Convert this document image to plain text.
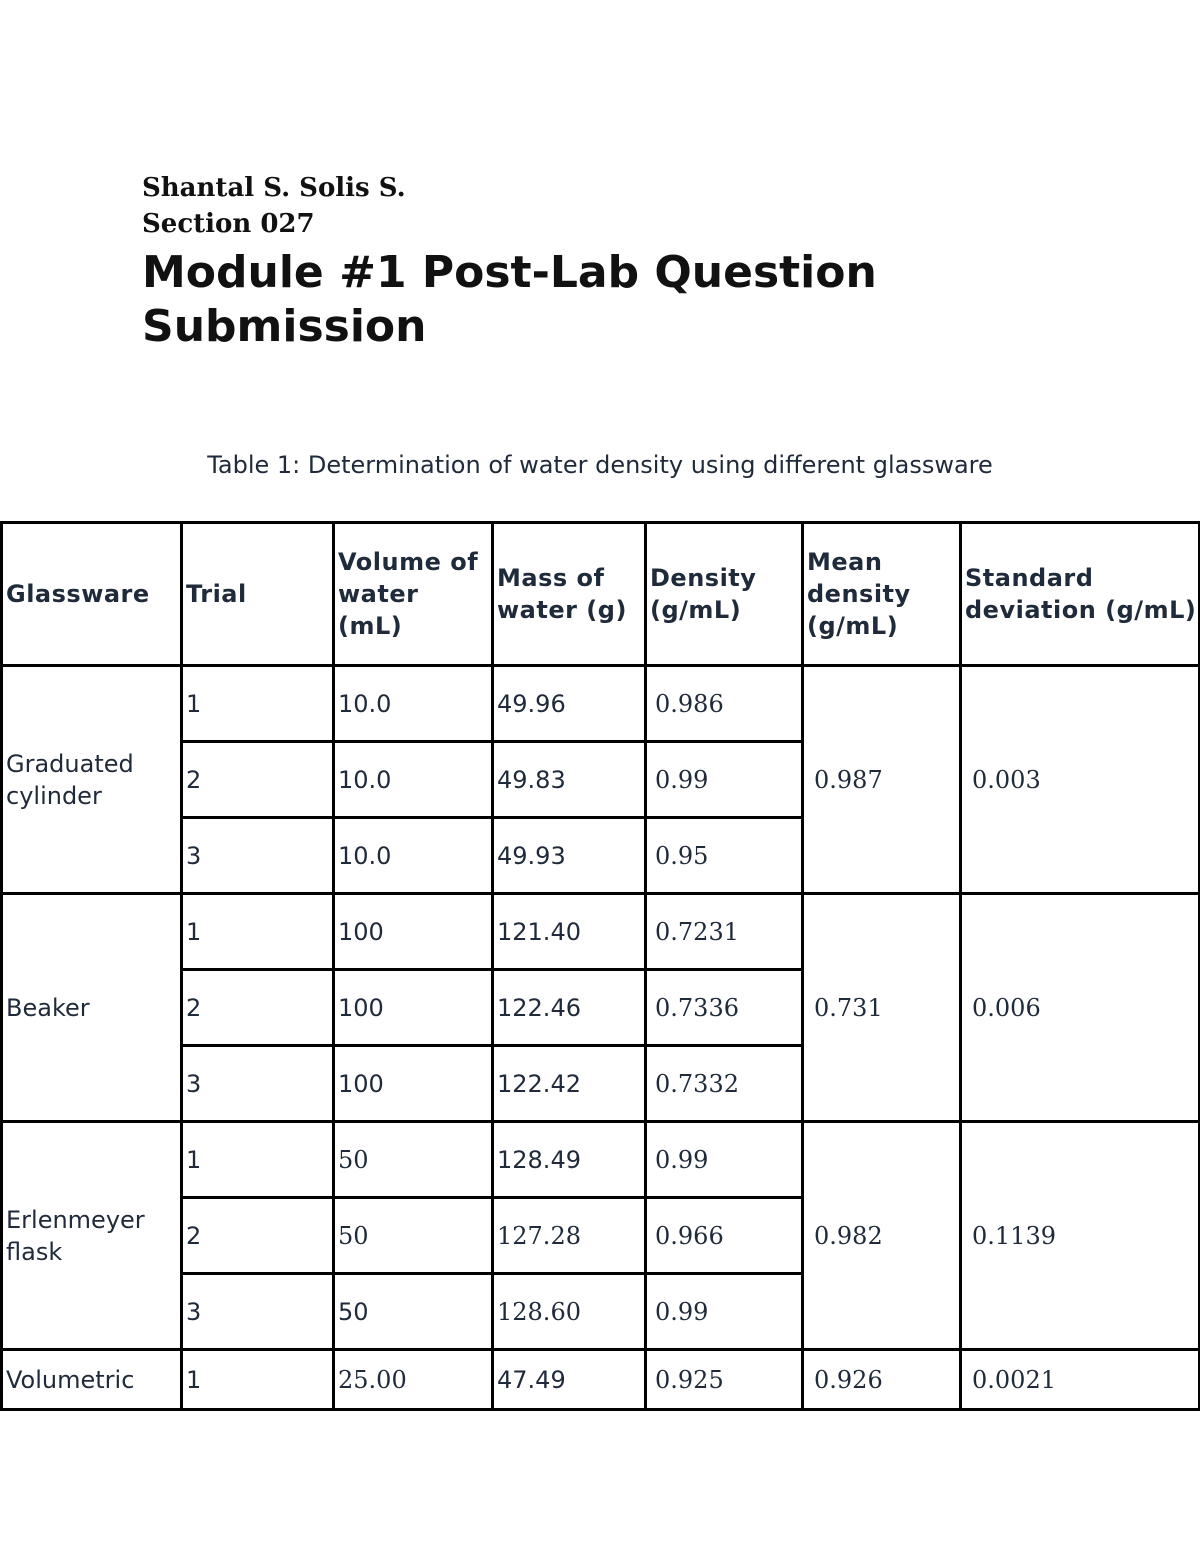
Shantal S. Solis S.
Section 027
Module #1 Post-Lab Question Submission
Table 1: Determination of water density using different glassware
Glassware	Trial	Volume of water (mL)	Mass of water (g)	Density (g/mL)	Mean density (g/mL)	Standard deviation (g/mL)
Graduated cylinder	1	10.0	49.96	0.986	0.987	0.003
	2	10.0	49.83	0.99		
	3	10.0	49.93	0.95		
Beaker	1	100	121.40	0.7231	0.731	0.006
	2	100	122.46	0.7336		
	3	100	122.42	0.7332		
Erlenmeyer flask	1	50	128.49	0.99	0.982	0.1139
	2	50	127.28	0.966		
	3	50	128.60	0.99		
Volumetric	1	25.00	47.49	0.925	0.926	0.0021
